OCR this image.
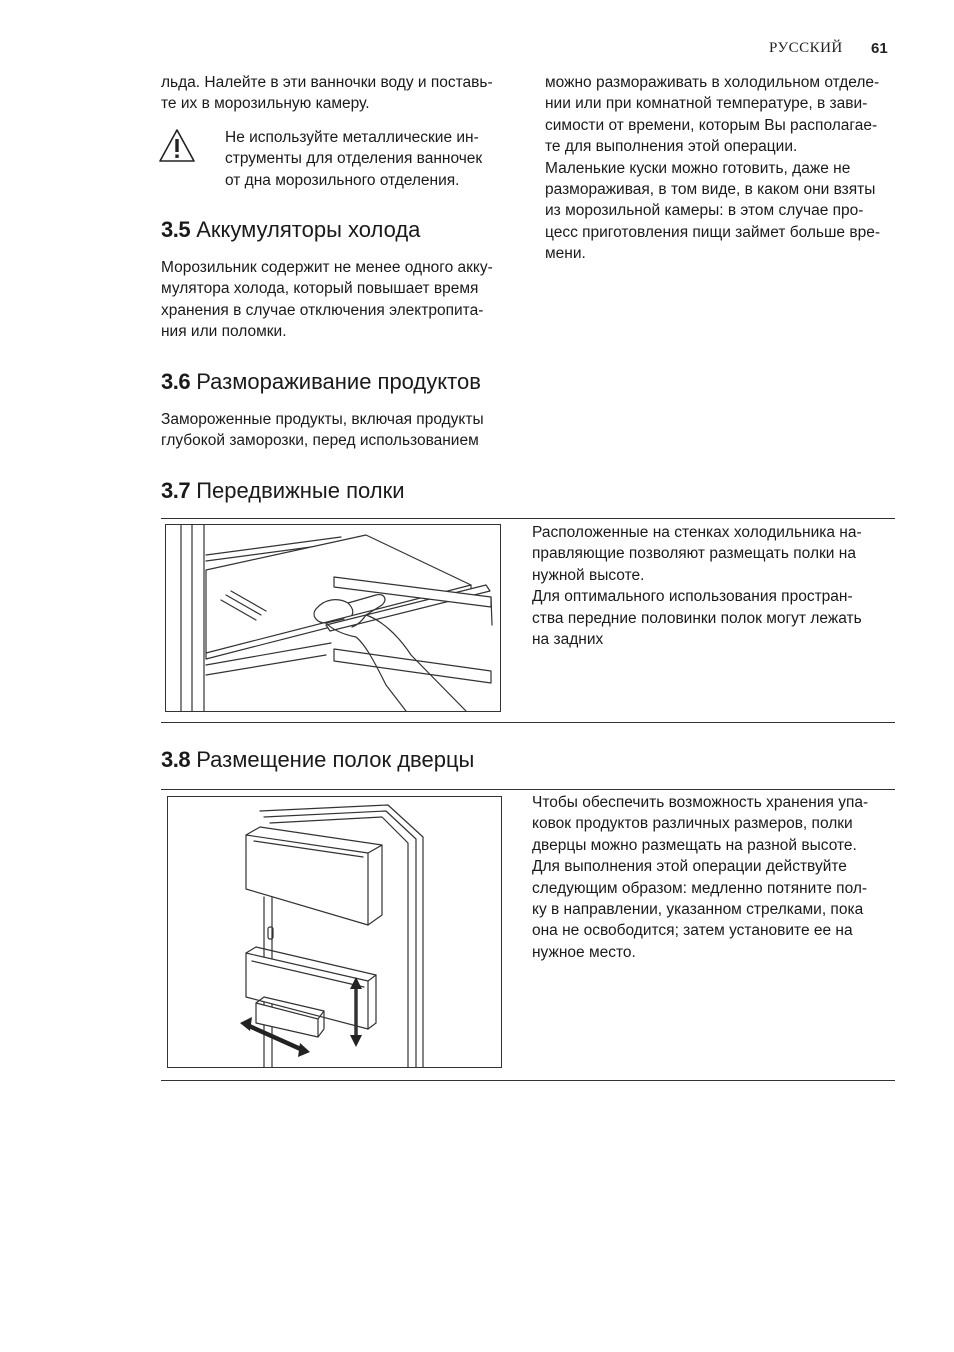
РУССКИЙ 61

льда. Налейте в эти ванночки воду и поставь-

те их в морозильную камеру.

Не используйте металлические ин-

струменты для отделения ванночек

от дна морозильного отделения.

3.5 Аккумуляторы холода

Морозильник содержит не менее одного акку-

мулятора холода, который повышает время

хранения в случае отключения электропита-

ния или поломки.

3.6 Размораживание продуктов

Замороженные продукты, включая продукты

глубокой заморозки, перед использованием

можно размораживать в холодильном отделе-

нии или при комнатной температуре, в зави-

симости от времени, которым Вы располагае-

те для выполнения этой операции.

Маленькие куски можно готовить, даже не

размораживая, в том виде, в каком они взяты

из морозильной камеры: в этом случае про-

цесс приготовления пищи займет больше вре-

мени.

3.7 Передвижные полки

Расположенные на стенках холодильника на-

правляющие позволяют размещать полки на

нужной высоте.

Для оптимального использования простран-

ства передние половинки полок могут лежать

на задних

3.8 Размещение полок дверцы

Чтобы обеспечить возможность хранения упа-

ковок продуктов различных размеров, полки

дверцы можно размещать на разной высоте.

Для выполнения этой операции действуйте

следующим образом: медленно потяните пол-

ку в направлении, указанном стрелками, пока

она не освободится; затем установите ее на

нужное место.
